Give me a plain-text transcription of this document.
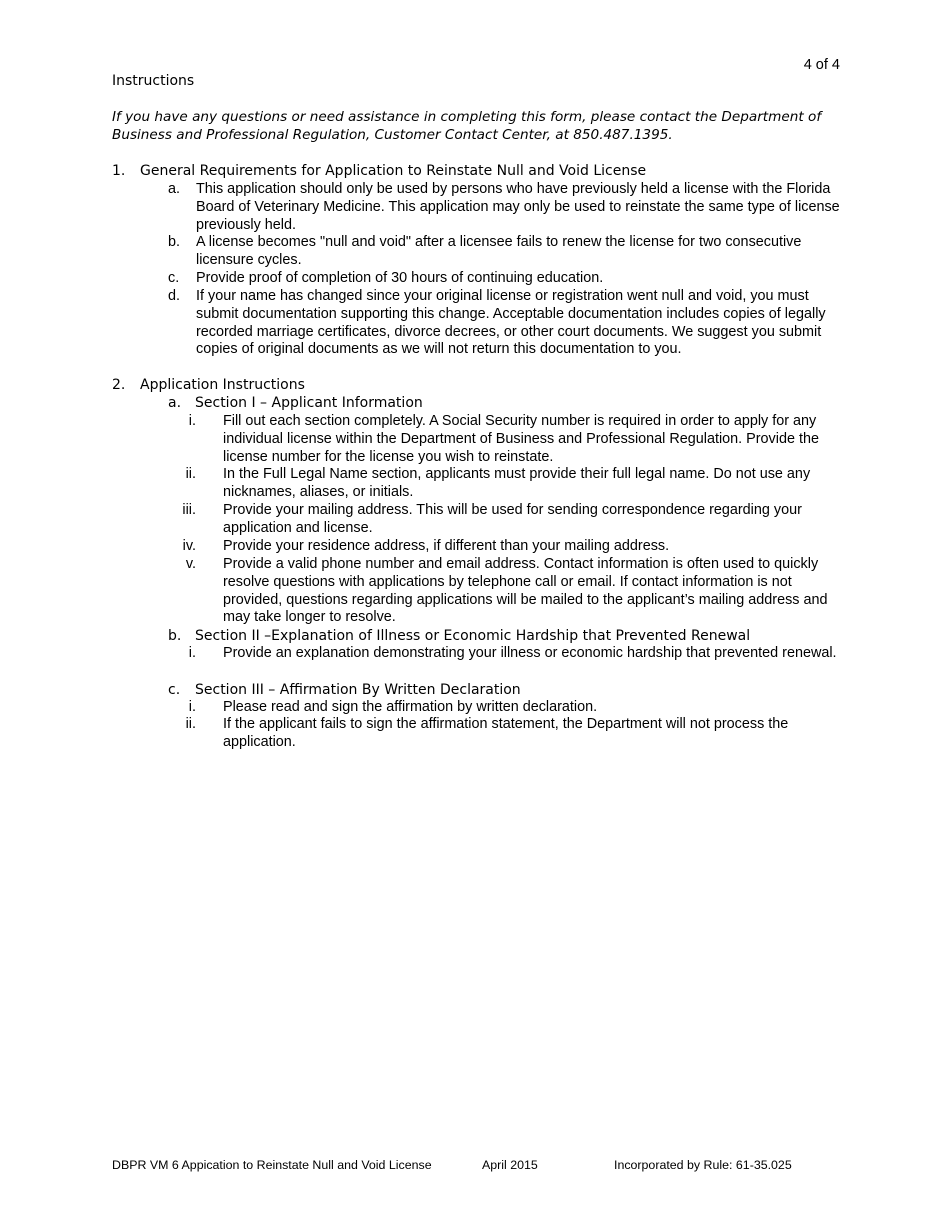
4 of 4
Instructions
If you have any questions or need assistance in completing this form, please contact the Department of Business and Professional Regulation, Customer Contact Center, at 850.487.1395.
1.	General Requirements for Application to Reinstate Null and Void License
a.	This application should only be used by persons who have previously held a license with the Florida Board of Veterinary Medicine. This application may only be used to reinstate the same type of license previously held.
b.	A license becomes "null and void" after a licensee fails to renew the license for two consecutive licensure cycles.
c.	Provide proof of completion of 30 hours of continuing education.
d.	If your name has changed since your original license or registration went null and void, you must submit documentation supporting this change. Acceptable documentation includes copies of legally recorded marriage certificates, divorce decrees, or other court documents. We suggest you submit copies of original documents as we will not return this documentation to you.
2.	Application Instructions
a. Section I – Applicant Information
i. Fill out each section completely. A Social Security number is required in order to apply for any individual license within the Department of Business and Professional Regulation. Provide the license number for the license you wish to reinstate.
ii. In the Full Legal Name section, applicants must provide their full legal name. Do not use any nicknames, aliases, or initials.
iii. Provide your mailing address. This will be used for sending correspondence regarding your application and license.
iv. Provide your residence address, if different than your mailing address.
v. Provide a valid phone number and email address. Contact information is often used to quickly resolve questions with applications by telephone call or email. If contact information is not provided, questions regarding applications will be mailed to the applicant’s mailing address and may take longer to resolve.
b. Section II –Explanation of Illness or Economic Hardship that Prevented Renewal
i. Provide an explanation demonstrating your illness or economic hardship that prevented renewal.
c.	Section III – Affirmation By Written Declaration
i. Please read and sign the affirmation by written declaration.
ii. If the applicant fails to sign the affirmation statement, the Department will not process the application.
DBPR VM 6 Appication to Reinstate Null and Void License	April 2015	Incorporated by Rule: 61-35.025
